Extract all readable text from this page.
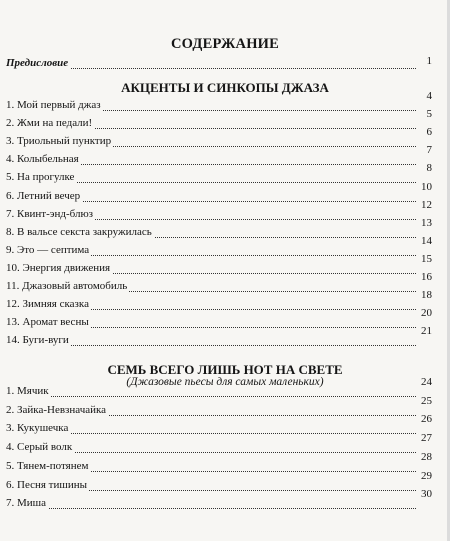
СОДЕРЖАНИЕ
Предисловие	1
АКЦЕНТЫ И СИНКОПЫ ДЖАЗА
1. Мой первый джаз
4
2. Жми на педали!
5
3. Триольный пунктир
6
4. Колыбельная
7
5. На прогулке
8
6. Летний вечер
10
7. Квинт-энд-блюз
12
8. В вальсе секста закружилась
13
9. Это — септима
14
10. Энергия движения
15
11. Джазовый автомобиль
16
12. Зимняя сказка
18
13. Аромат весны
20
14. Буги-вуги
21
СЕМЬ ВСЕГО ЛИШЬ НОТ НА СВЕТЕ
(Джазовые пьесы для самых маленьких)
1. Мячик
24
2. Зайка-Невзначайка
25
3. Кукушечка
26
4. Серый волк
27
5. Тянем-потянем
28
6. Песня тишины
29
7. Миша
30
